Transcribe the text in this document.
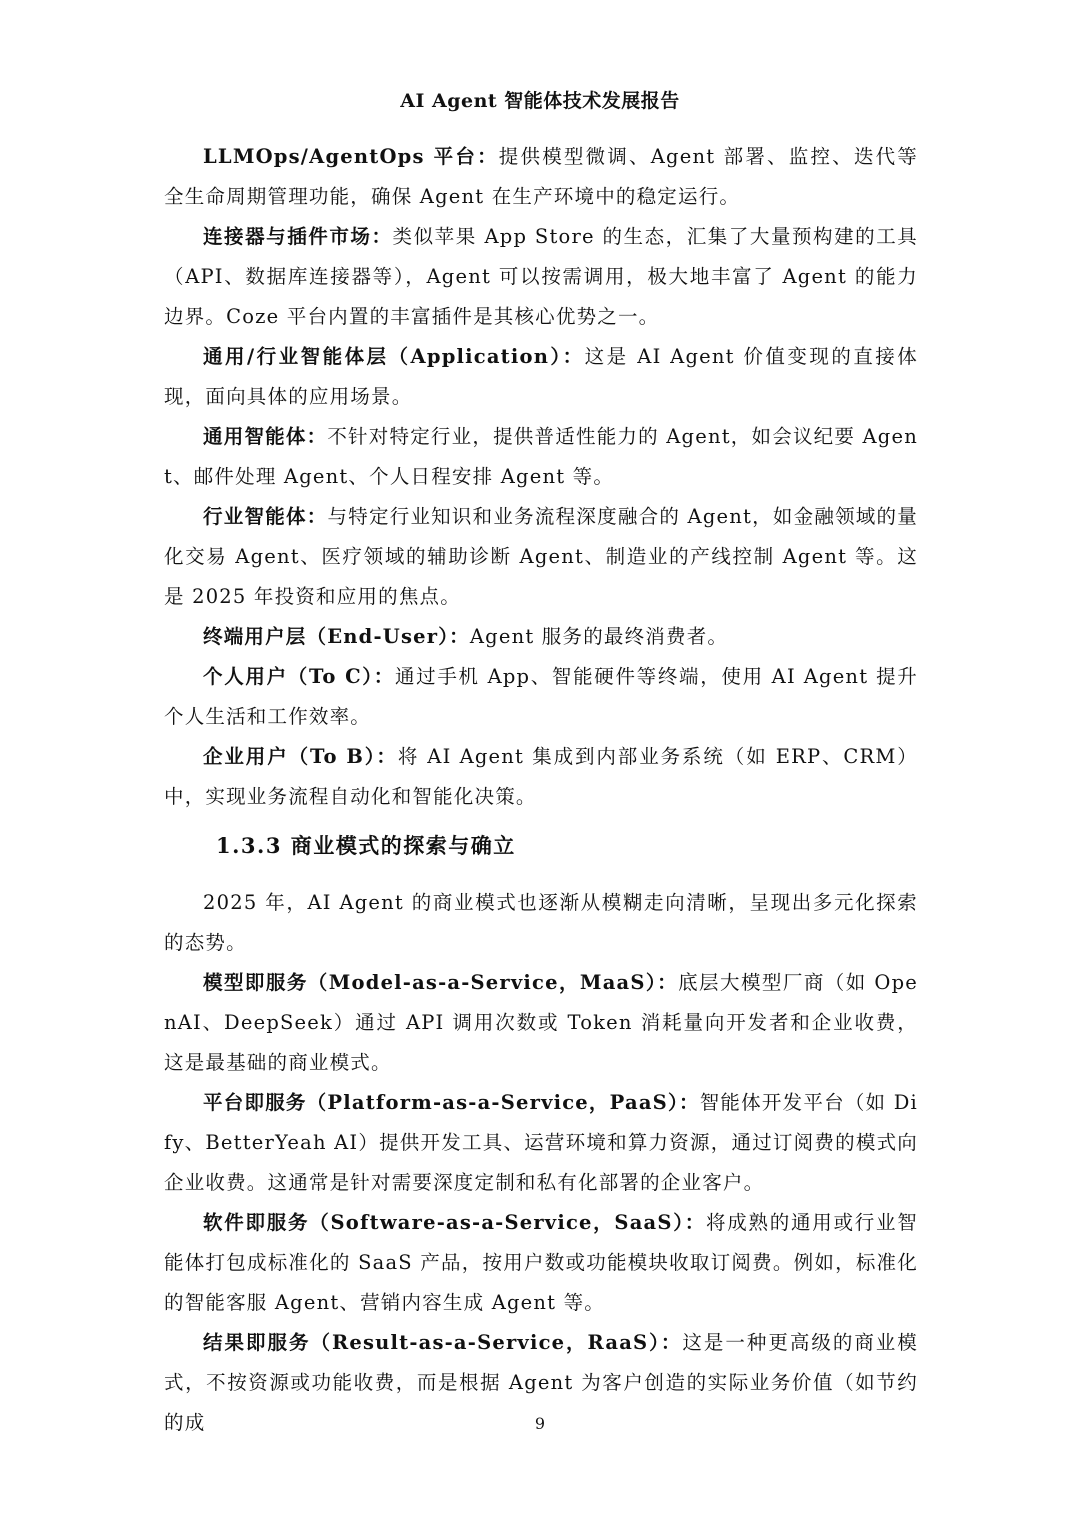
AI Agent 智能体技术发展报告

LLMOps/AgentOps 平台：提供模型微调、Agent 部署、监控、迭代等全生命周期管理功能，确保 Agent 在生产环境中的稳定运行。

连接器与插件市场：类似苹果 App Store 的生态，汇集了大量预构建的工具（API、数据库连接器等），Agent 可以按需调用，极大地丰富了 Agent 的能力边界。Coze 平台内置的丰富插件是其核心优势之一。

通用/行业智能体层（Application）：这是 AI Agent 价值变现的直接体现，面向具体的应用场景。

通用智能体：不针对特定行业，提供普适性能力的 Agent，如会议纪要 Agent、邮件处理 Agent、个人日程安排 Agent 等。

行业智能体：与特定行业知识和业务流程深度融合的 Agent，如金融领域的量化交易 Agent、医疗领域的辅助诊断 Agent、制造业的产线控制 Agent 等。这是 2025 年投资和应用的焦点。

终端用户层（End-User）：Agent 服务的最终消费者。

个人用户（To C）：通过手机 App、智能硬件等终端，使用 AI Agent 提升个人生活和工作效率。

企业用户（To B）：将 AI Agent 集成到内部业务系统（如 ERP、CRM）中，实现业务流程自动化和智能化决策。

1.3.3 商业模式的探索与确立

2025 年，AI Agent 的商业模式也逐渐从模糊走向清晰，呈现出多元化探索的态势。

模型即服务（Model-as-a-Service，MaaS）：底层大模型厂商（如 OpenAI、DeepSeek）通过 API 调用次数或 Token 消耗量向开发者和企业收费，这是最基础的商业模式。

平台即服务（Platform-as-a-Service，PaaS）：智能体开发平台（如 Dify、BetterYeah AI）提供开发工具、运营环境和算力资源，通过订阅费的模式向企业收费。这通常是针对需要深度定制和私有化部署的企业客户。

软件即服务（Software-as-a-Service，SaaS）：将成熟的通用或行业智能体打包成标准化的 SaaS 产品，按用户数或功能模块收取订阅费。例如，标准化的智能客服 Agent、营销内容生成 Agent 等。

结果即服务（Result-as-a-Service，RaaS）：这是一种更高级的商业模式，不按资源或功能收费，而是根据 Agent 为客户创造的实际业务价值（如节约的成	9
